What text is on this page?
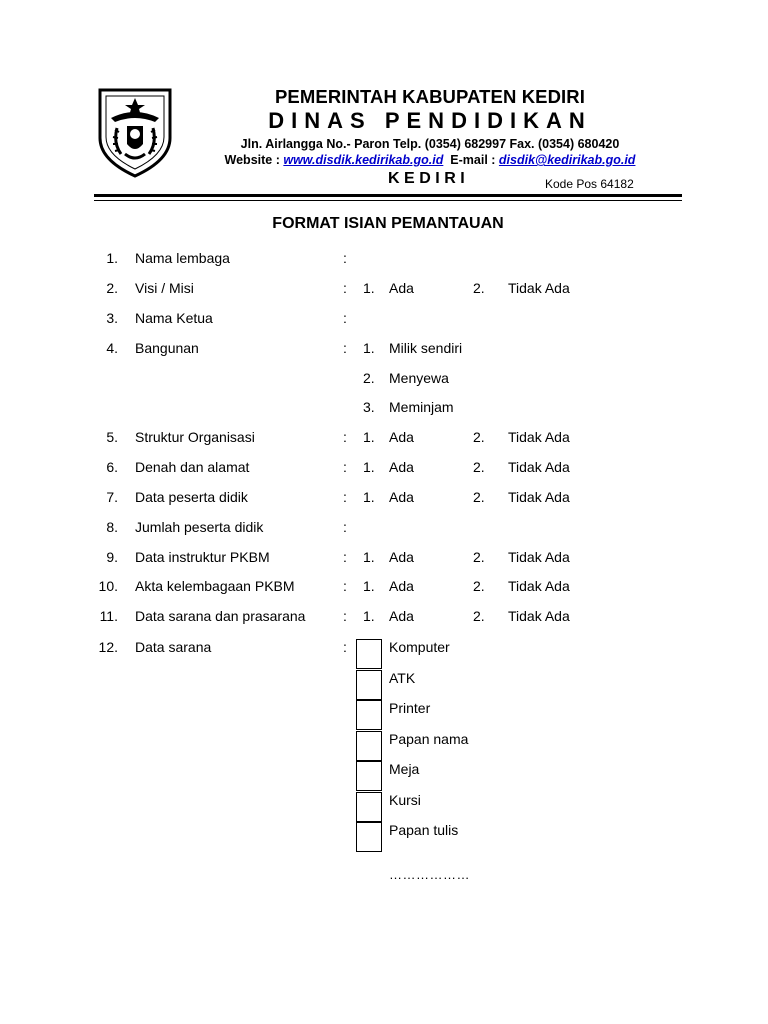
PEMERINTAH KABUPATEN KEDIRI
DINAS PENDIDIKAN
Jln. Airlangga No.- Paron Telp. (0354) 682997 Fax. (0354) 680420
Website : www.disdik.kedirikab.go.id E-mail : disdik@kedirikab.go.id
KEDIRI	Kode Pos 64182
FORMAT ISIAN PEMANTAUAN
1. Nama lembaga	:
2. Visi / Misi	: 1. Ada	2. Tidak Ada
3. Nama Ketua	:
4. Bangunan	: 1. Milik sendiri
2. Menyewa
3. Meminjam
5. Struktur Organisasi	: 1. Ada	2. Tidak Ada
6. Denah dan alamat	: 1. Ada	2. Tidak Ada
7. Data peserta didik	: 1. Ada	2. Tidak Ada
8. Jumlah peserta didik	:
9. Data instruktur PKBM	: 1. Ada	2. Tidak Ada
10. Akta kelembagaan PKBM	: 1. Ada	2. Tidak Ada
11. Data sarana dan prasarana	: 1. Ada	2. Tidak Ada
12. Data sarana	:	Komputer
ATK
Printer
Papan nama
Meja
Kursi
Papan tulis
………………
